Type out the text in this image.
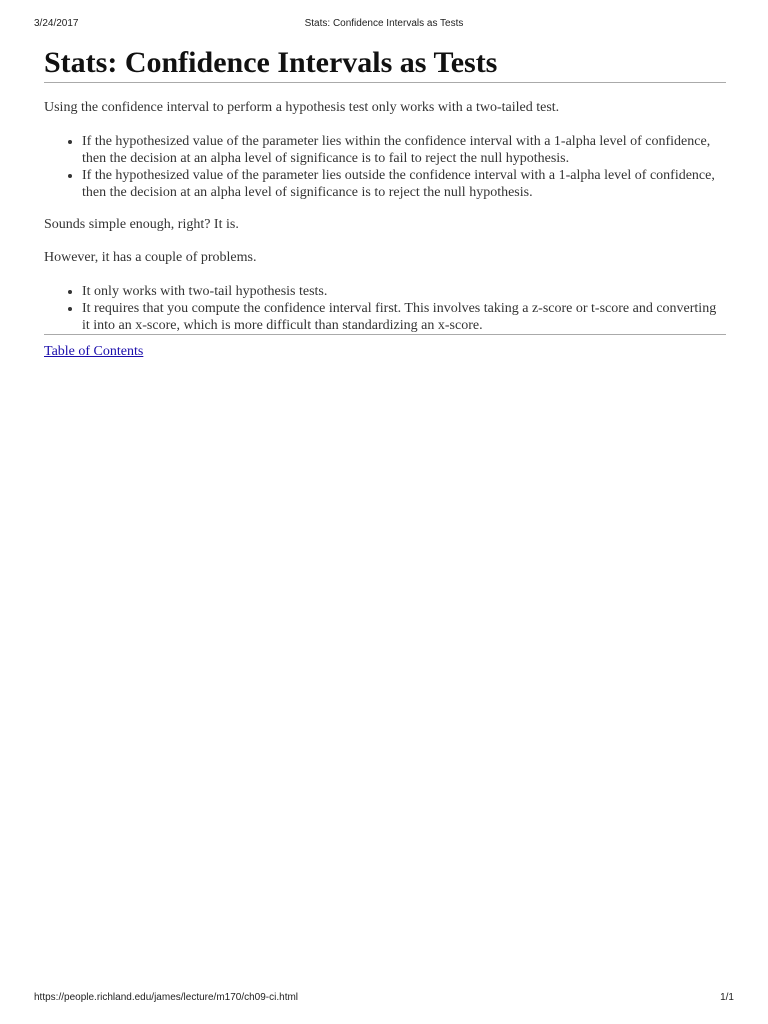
3/24/2017	Stats: Confidence Intervals as Tests
Stats: Confidence Intervals as Tests

Using the confidence interval to perform a hypothesis test only works with a two-tailed test.

• If the hypothesized value of the parameter lies within the confidence interval with a 1-alpha level of confidence, then the decision at an alpha level of significance is to fail to reject the null hypothesis.
• If the hypothesized value of the parameter lies outside the confidence interval with a 1-alpha level of confidence, then the decision at an alpha level of significance is to reject the null hypothesis.

Sounds simple enough, right? It is.

However, it has a couple of problems.

• It only works with two-tail hypothesis tests.
• It requires that you compute the confidence interval first. This involves taking a z-score or t-score and converting it into an x-score, which is more difficult than standardizing an x-score.
Table of Contents
https://people.richland.edu/james/lecture/m170/ch09-ci.html	1/1
